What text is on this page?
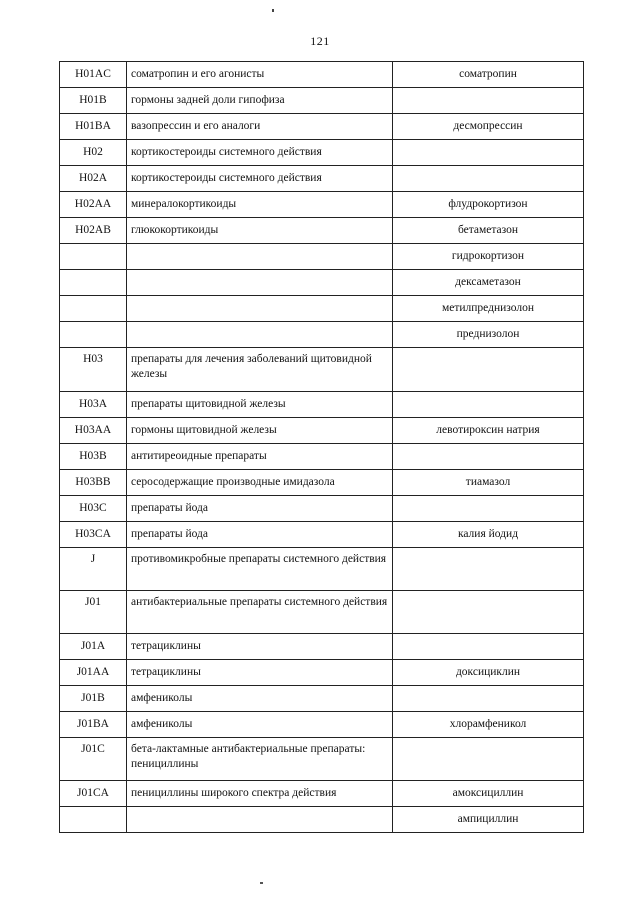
121
H01AC	соматропин и его агонисты	соматропин
H01B	гормоны задней доли гипофиза	
H01BA	вазопрессин и его аналоги	десмопрессин
H02	кортикостероиды системного действия	
H02A	кортикостероиды системного действия	
H02AA	минералокортикоиды	флудрокортизон
H02AB	глюкокортикоиды	бетаметазон
		гидрокортизон
		дексаметазон
		метилпреднизолон
		преднизолон
H03	препараты для лечения заболеваний щитовидной железы	
H03A	препараты щитовидной железы	
H03AA	гормоны щитовидной железы	левотироксин натрия
H03B	антитиреоидные препараты	
H03BB	серосодержащие производные имидазола	тиамазол
H03C	препараты йода	
H03CA	препараты йода	калия йодид
J	противомикробные препараты системного действия	
J01	антибактериальные препараты системного действия	
J01A	тетрациклины	
J01AA	тетрациклины	доксициклин
J01B	амфениколы	
J01BA	амфениколы	хлорамфеникол
J01C	бета-лактамные антибактериальные препараты: пенициллины	
J01CA	пенициллины широкого спектра действия	амоксициллин
		ампициллин
